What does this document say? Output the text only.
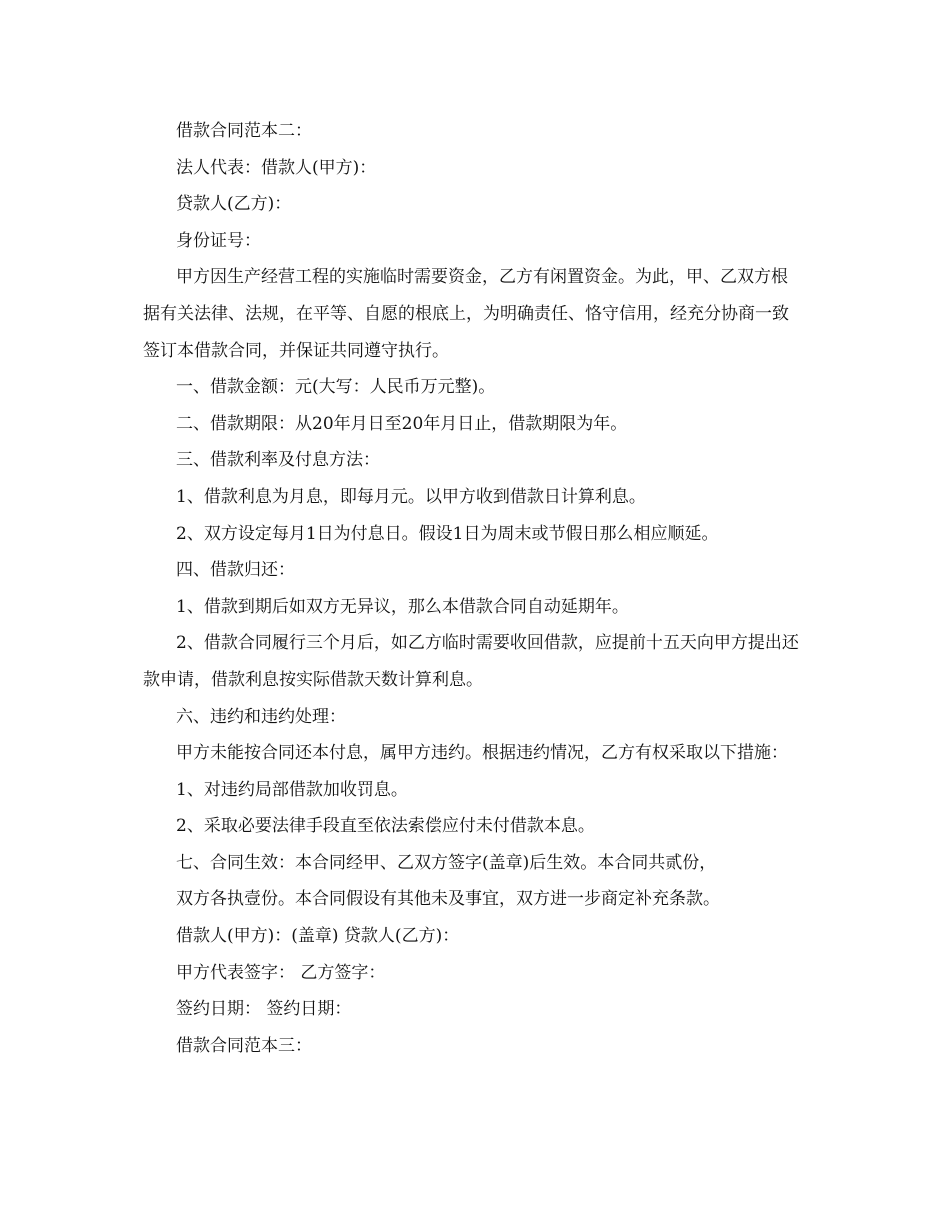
借款合同范本二：

法人代表：借款人(甲方)：

贷款人(乙方)：

身份证号：

甲方因生产经营工程的实施临时需要资金，乙方有闲置资金。为此，甲、乙双方根据有关法律、法规，在平等、自愿的根底上，为明确责任、恪守信用，经充分协商一致签订本借款合同，并保证共同遵守执行。

一、借款金额：元(大写：人民币万元整)。

二、借款期限：从20年月日至20年月日止，借款期限为年。

三、借款利率及付息方法：

1、借款利息为月息，即每月元。以甲方收到借款日计算利息。

2、双方设定每月1日为付息日。假设1日为周末或节假日那么相应顺延。

四、借款归还：

1、借款到期后如双方无异议，那么本借款合同自动延期年。

2、借款合同履行三个月后，如乙方临时需要收回借款，应提前十五天向甲方提出还款申请，借款利息按实际借款天数计算利息。

六、违约和违约处理：

甲方未能按合同还本付息，属甲方违约。根据违约情况，乙方有权采取以下措施：

1、对违约局部借款加收罚息。

2、采取必要法律手段直至依法索偿应付未付借款本息。

七、合同生效：本合同经甲、乙双方签字(盖章)后生效。本合同共贰份，

双方各执壹份。本合同假设有其他未及事宜，双方进一步商定补充条款。

借款人(甲方)：(盖章) 贷款人(乙方)：

甲方代表签字： 乙方签字：

签约日期： 签约日期：

借款合同范本三：
